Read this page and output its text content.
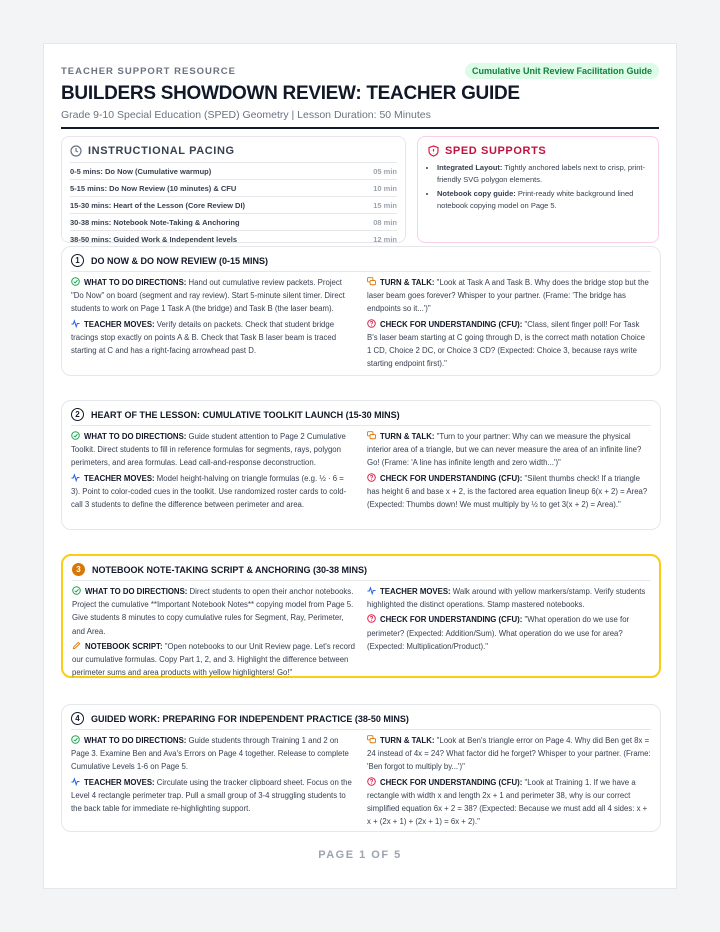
TEACHER SUPPORT RESOURCE	Cumulative Unit Review Facilitation Guide
BUILDERS SHOWDOWN REVIEW: TEACHER GUIDE
Grade 9-10 Special Education (SPED) Geometry | Lesson Duration: 50 Minutes
INSTRUCTIONAL PACING
0-5 mins: Do Now (Cumulative warmup)	05 min
5-15 mins: Do Now Review (10 minutes) & CFU	10 min
15-30 mins: Heart of the Lesson (Core Review DI)	15 min
30-38 mins: Notebook Note-Taking & Anchoring	08 min
38-50 mins: Guided Work & Independent levels	12 min
SPED SUPPORTS
• Integrated Layout: Tightly anchored labels next to crisp, print-friendly SVG polygon elements.
• Notebook copy guide: Print-ready white background lined notebook copying model on Page 5.
1	DO NOW & DO NOW REVIEW (0-15 MINS)
WHAT TO DO DIRECTIONS: Hand out cumulative review packets. Project "Do Now" on board (segment and ray review). Start 5-minute silent timer. Direct students to work on Page 1 Task A (the bridge) and Task B (the laser beam).
TEACHER MOVES: Verify details on packets. Check that student bridge tracings stop exactly on points A & B. Check that Task B laser beam is traced starting at C and has a right-facing arrowhead past D.
TURN & TALK: "Look at Task A and Task B. Why does the bridge stop but the laser beam goes forever? Whisper to your partner. (Frame: 'The bridge has endpoints so it...')"
CHECK FOR UNDERSTANDING (CFU): "Class, silent finger poll! For Task B's laser beam starting at C going through D, is the correct math notation Choice 1 CD, Choice 2 DC, or Choice 3 CD? (Expected: Choice 3, because rays write starting endpoint first)."
2	HEART OF THE LESSON: CUMULATIVE TOOLKIT LAUNCH (15-30 MINS)
WHAT TO DO DIRECTIONS: Guide student attention to Page 2 Cumulative Toolkit. Direct students to fill in reference formulas for segments, rays, polygon perimeters, and area formulas. Lead call-and-response deconstruction.
TEACHER MOVES: Model height-halving on triangle formulas (e.g. ½ · 6 = 3). Point to color-coded cues in the toolkit. Use randomized roster cards to cold-call 3 students to define the difference between perimeter and area.
TURN & TALK: "Turn to your partner: Why can we measure the physical interior area of a triangle, but we can never measure the area of an infinite line? Go! (Frame: 'A line has infinite length and zero width...')"
CHECK FOR UNDERSTANDING (CFU): "Silent thumbs check! If a triangle has height 6 and base x + 2, is the factored area equation lineup 6(x + 2) = Area? (Expected: Thumbs down! We must multiply by ½ to get 3(x + 2) = Area)."
3	NOTEBOOK NOTE-TAKING SCRIPT & ANCHORING (30-38 MINS)
WHAT TO DO DIRECTIONS: Direct students to open their anchor notebooks. Project the cumulative **Important Notebook Notes** copying model from Page 5. Give students 8 minutes to copy cumulative rules for Segment, Ray, Perimeter, and Area.
NOTEBOOK SCRIPT: "Open notebooks to our Unit Review page. Let's record our cumulative formulas. Copy Part 1, 2, and 3. Highlight the difference between perimeter sums and area products with yellow highlighters! Go!"
TEACHER MOVES: Walk around with yellow markers/stamp. Verify students highlighted the distinct operations. Stamp mastered notebooks.
CHECK FOR UNDERSTANDING (CFU): "What operation do we use for perimeter? (Expected: Addition/Sum). What operation do we use for area? (Expected: Multiplication/Product)."
4	GUIDED WORK: PREPARING FOR INDEPENDENT PRACTICE (38-50 MINS)
WHAT TO DO DIRECTIONS: Guide students through Training 1 and 2 on Page 3. Examine Ben and Ava's Errors on Page 4 together. Release to complete Cumulative Levels 1-6 on Page 5.
TEACHER MOVES: Circulate using the tracker clipboard sheet. Focus on the Level 4 rectangle perimeter trap. Pull a small group of 3-4 struggling students to the back table for immediate re-highlighting support.
TURN & TALK: "Look at Ben's triangle error on Page 4. Why did Ben get 8x = 24 instead of 4x = 24? What factor did he forget? Whisper to your partner. (Frame: 'Ben forgot to multiply by...')"
CHECK FOR UNDERSTANDING (CFU): "Look at Training 1. If we have a rectangle with width x and length 2x + 1 and perimeter 38, why is our correct simplified equation 6x + 2 = 38? (Expected: Because we must add all 4 sides: x + x + (2x + 1) + (2x + 1) = 6x + 2)."
PAGE 1 OF 5
